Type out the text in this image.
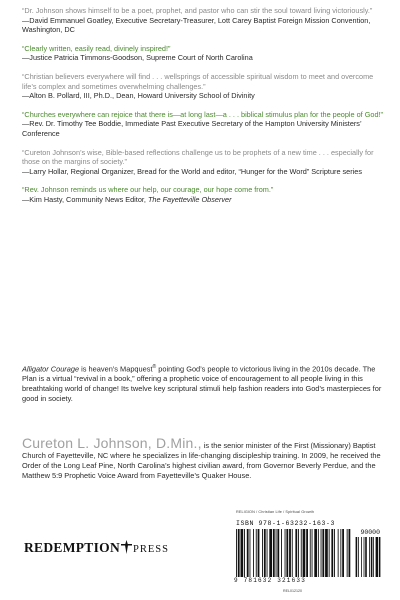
“Dr. Johnson shows himself to be a poet, prophet, and pastor who can stir the soul toward living victoriously.”
—David Emmanuel Goatley, Executive Secretary-Treasurer, Lott Carey Baptist Foreign Mission Convention, Washington, DC
“Clearly written, easily read, divinely inspired!”
—Justice Patricia Timmons-Goodson, Supreme Court of North Carolina
“Christian believers everywhere will find . . . wellsprings of accessible spiritual wisdom to meet and overcome life’s complex and sometimes overwhelming challenges.”
—Alton B. Pollard, III, Ph.D., Dean, Howard University School of Divinity
“Churches everywhere can rejoice that there is—at long last—a . . . biblical stimulus plan for the people of God!”
—Rev. Dr. Timothy Tee Boddie, Immediate Past Executive Secretary of the Hampton University Ministers’ Conference
“Cureton Johnson’s wise, Bible-based reflections challenge us to be prophets of a new time . . . especially for those on the margins of society.”
—Larry Hollar, Regional Organizer, Bread for the World and editor, “Hunger for the Word” Scripture series
“Rev. Johnson reminds us where our help, our courage, our hope come from.”
—Kim Hasty, Community News Editor, The Fayetteville Observer
Alligator Courage is heaven’s Mapquest® pointing God’s people to victorious living in the 2010s decade. The Plan is a virtual “revival in a book,” offering a prophetic voice of encouragement to all people living in this breathtaking world of change! Its twelve key scriptural stimuli help fashion readers into God’s masterpieces for good in society.
Cureton L. Johnson, D.Min., is the senior minister of the First (Missionary) Baptist Church of Fayetteville, NC where he specializes in life-changing discipleship training. In 2009, he received the Order of the Long Leaf Pine, North Carolina’s highest civilian award, from Governor Beverly Perdue, and the Matthew 5:9 Prophetic Voice Award from Fayetteville’s Quaker House.
RELIGION / Christian Life / Spiritual Growth
ISBN 978-1-63232-163-3
90000
9 781632 321633
REL012120
REDEMPTION PRESS
